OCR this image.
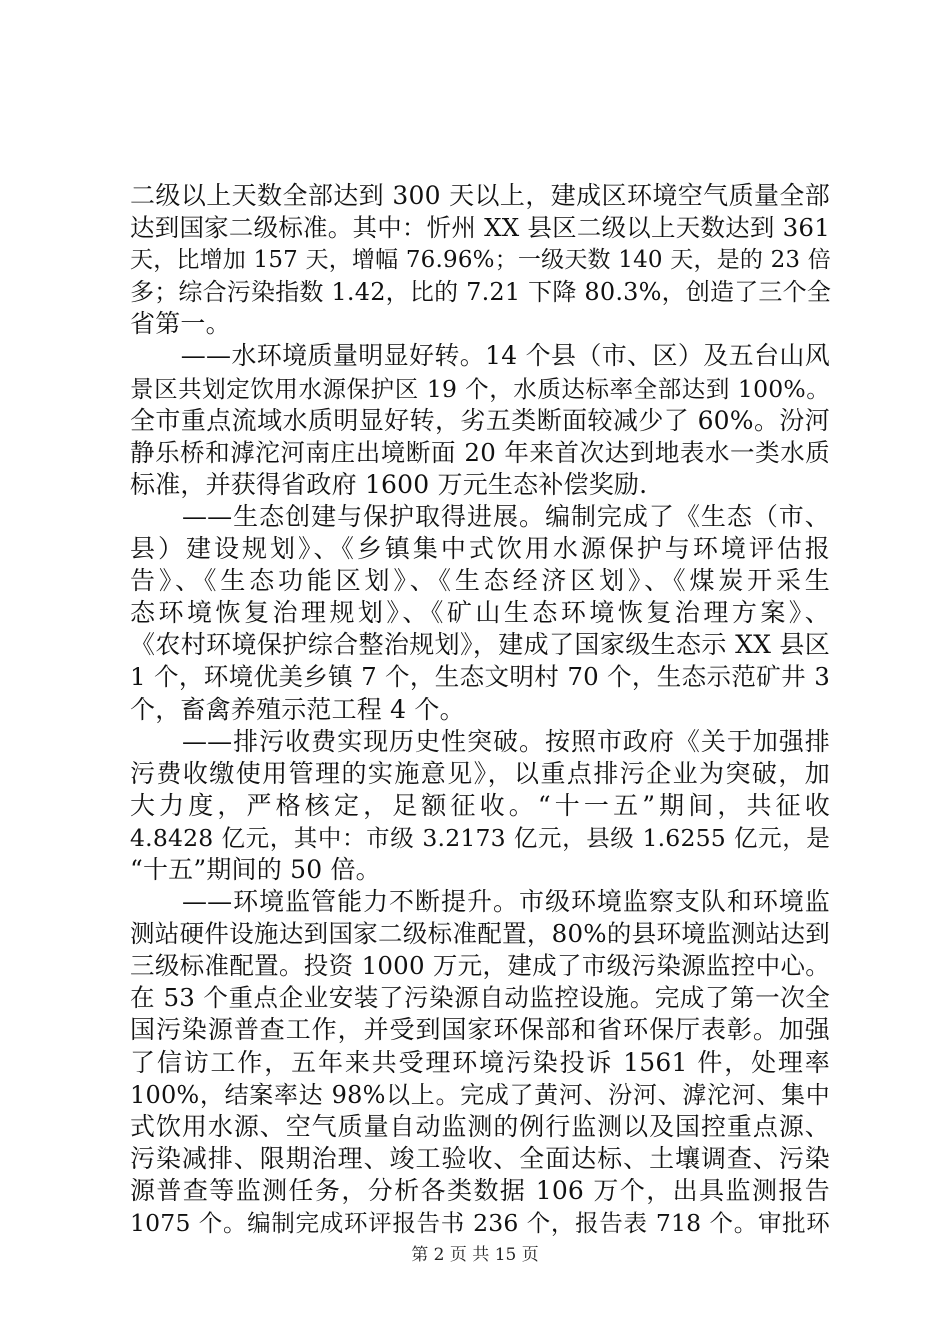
二级以上天数全部达到 300 天以上，建成区环境空气质量全部
达到国家二级标准。其中：忻州 XX 县区二级以上天数达到 361
天，比增加 157 天，增幅 76.96%；一级天数 140 天，是的 23 倍
多；综合污染指数 1.42，比的 7.21 下降 80.3%，创造了三个全
省第一。
　　——水环境质量明显好转。14 个县（市、区）及五台山风
景区共划定饮用水源保护区 19 个，水质达标率全部达到 100%。
全市重点流域水质明显好转，劣五类断面较减少了 60%。汾河
静乐桥和滹沱河南庄出境断面 20 年来首次达到地表水一类水质
标准，并获得省政府 1600 万元生态补偿奖励.
　　——生态创建与保护取得进展。编制完成了《生态（市、
县）建设规划》、《乡镇集中式饮用水源保护与环境评估报
告》、《生态功能区划》、《生态经济区划》、《煤炭开采生
态环境恢复治理规划》、《矿山生态环境恢复治理方案》、
《农村环境保护综合整治规划》，建成了国家级生态示 XX 县区
1 个，环境优美乡镇 7 个，生态文明村 70 个，生态示范矿井 3
个，畜禽养殖示范工程 4 个。
　　——排污收费实现历史性突破。按照市政府《关于加强排
污费收缴使用管理的实施意见》，以重点排污企业为突破，加
大力度，严格核定，足额征收。“十一五”期间，共征收
4.8428 亿元，其中：市级 3.2173 亿元，县级 1.6255 亿元，是
“十五”期间的 50 倍。
　　——环境监管能力不断提升。市级环境监察支队和环境监
测站硬件设施达到国家二级标准配置，80%的县环境监测站达到
三级标准配置。投资 1000 万元，建成了市级污染源监控中心。
在 53 个重点企业安装了污染源自动监控设施。完成了第一次全
国污染源普查工作，并受到国家环保部和省环保厅表彰。加强
了信访工作，五年来共受理环境污染投诉 1561 件，处理率
100%，结案率达 98%以上。完成了黄河、汾河、滹沱河、集中
式饮用水源、空气质量自动监测的例行监测以及国控重点源、
污染减排、限期治理、竣工验收、全面达标、土壤调查、污染
源普查等监测任务，分析各类数据 106 万个，出具监测报告
1075 个。编制完成环评报告书 236 个，报告表 718 个。审批环
第 2 页 共 15 页
